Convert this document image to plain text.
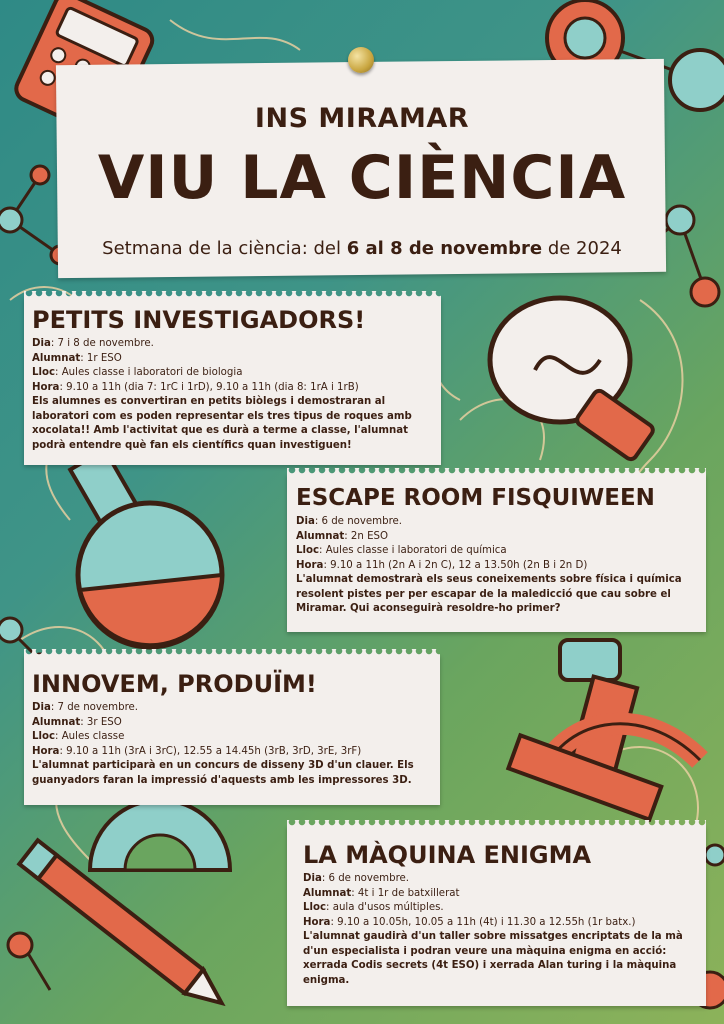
INS MIRAMAR
VIU LA CIÈNCIA
Setmana de la ciència: del 6 al 8 de novembre de 2024
PETITS INVESTIGADORS!
Dia: 7 i 8 de novembre.
Alumnat: 1r ESO
Lloc: Aules classe i laboratori de biologia
Hora: 9.10 a 11h (dia 7: 1rC i 1rD), 9.10 a 11h (dia 8: 1rA i 1rB)
Els alumnes es convertiran en petits biòlegs i demostraran al laboratori com es poden representar els tres tipus de roques amb xocolata!! Amb l'activitat que es durà a terme a classe, l'alumnat podrà entendre què fan els científics quan investiguen!
ESCAPE ROOM FISQUIWEEN
Dia: 6 de novembre.
Alumnat: 2n ESO
Lloc: Aules classe i laboratori de química
Hora: 9.10 a 11h (2n A i 2n C), 12 a 13.50h (2n B i 2n D)
L'alumnat demostrarà els seus coneixements sobre física i química resolent pistes per per escapar de la maledicció que cau sobre el Miramar. Qui aconseguirà resoldre-ho primer?
INNOVEM, PRODUÏM!
Dia: 7 de novembre.
Alumnat: 3r ESO
Lloc: Aules classe
Hora: 9.10 a 11h (3rA i 3rC), 12.55 a 14.45h (3rB, 3rD, 3rE, 3rF)
L'alumnat participarà en un concurs de disseny 3D d'un clauer. Els guanyadors faran la impressió d'aquests amb les impressores 3D.
LA MÀQUINA ENIGMA
Dia: 6 de novembre.
Alumnat: 4t i 1r de batxillerat
Lloc: aula d'usos múltiples.
Hora: 9.10 a 10.05h, 10.05 a 11h (4t) i 11.30 a 12.55h (1r batx.)
L'alumnat gaudirà d'un taller sobre missatges encriptats de la mà d'un especialista i podran veure una màquina enigma en acció: xerrada Codis secrets (4t ESO) i xerrada Alan turing i la màquina enigma.
